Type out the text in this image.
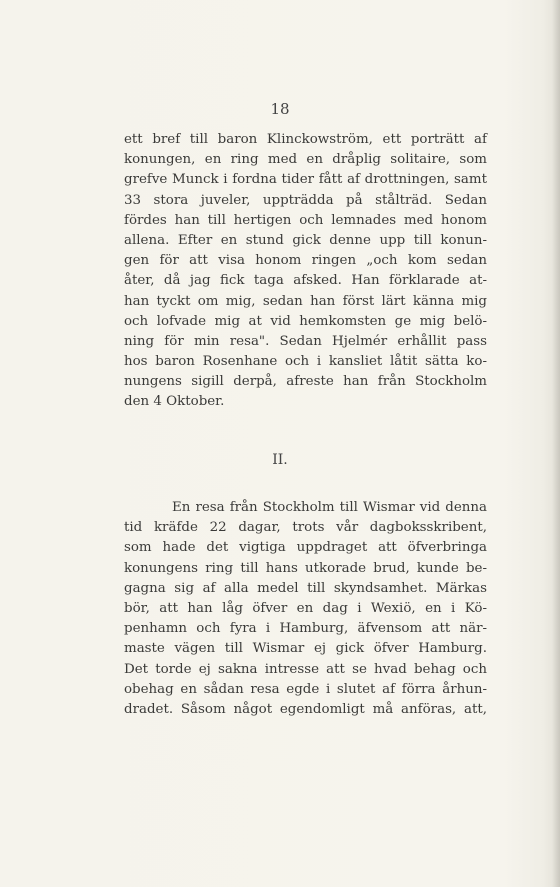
18
ett bref till baron Klinckowström, ett porträtt af
konungen, en ring med en dråplig solitaire, som
grefve Munck i fordna tider fått af drottningen, samt
33 stora juveler, uppträdda på stålträd. Sedan
fördes han till hertigen och lemnades med honom
allena. Efter en stund gick denne upp till konun-
gen för att visa honom ringen „och kom sedan
åter, då jag fick taga afsked. Han förklarade at-
han tyckt om mig, sedan han först lärt känna mig
och lofvade mig at vid hemkomsten ge mig belö-
ning för min resa". Sedan Hjelmér erhållit pass
hos baron Rosenhane och i kansliet låtit sätta ko-
nungens sigill derpå, afreste han från Stockholm
den 4 Oktober.
II.
En resa från Stockholm till Wismar vid denna
tid kräfde 22 dagar, trots vår dagboksskribent,
som hade det vigtiga uppdraget att öfverbringa
konungens ring till hans utkorade brud, kunde be-
gagna sig af alla medel till skyndsamhet. Märkas
bör, att han låg öfver en dag i Wexiö, en i Kö-
penhamn och fyra i Hamburg, äfvensom att när-
maste vägen till Wismar ej gick öfver Hamburg.
Det torde ej sakna intresse att se hvad behag och
obehag en sådan resa egde i slutet af förra århun-
dradet. Såsom något egendomligt må anföras, att,
